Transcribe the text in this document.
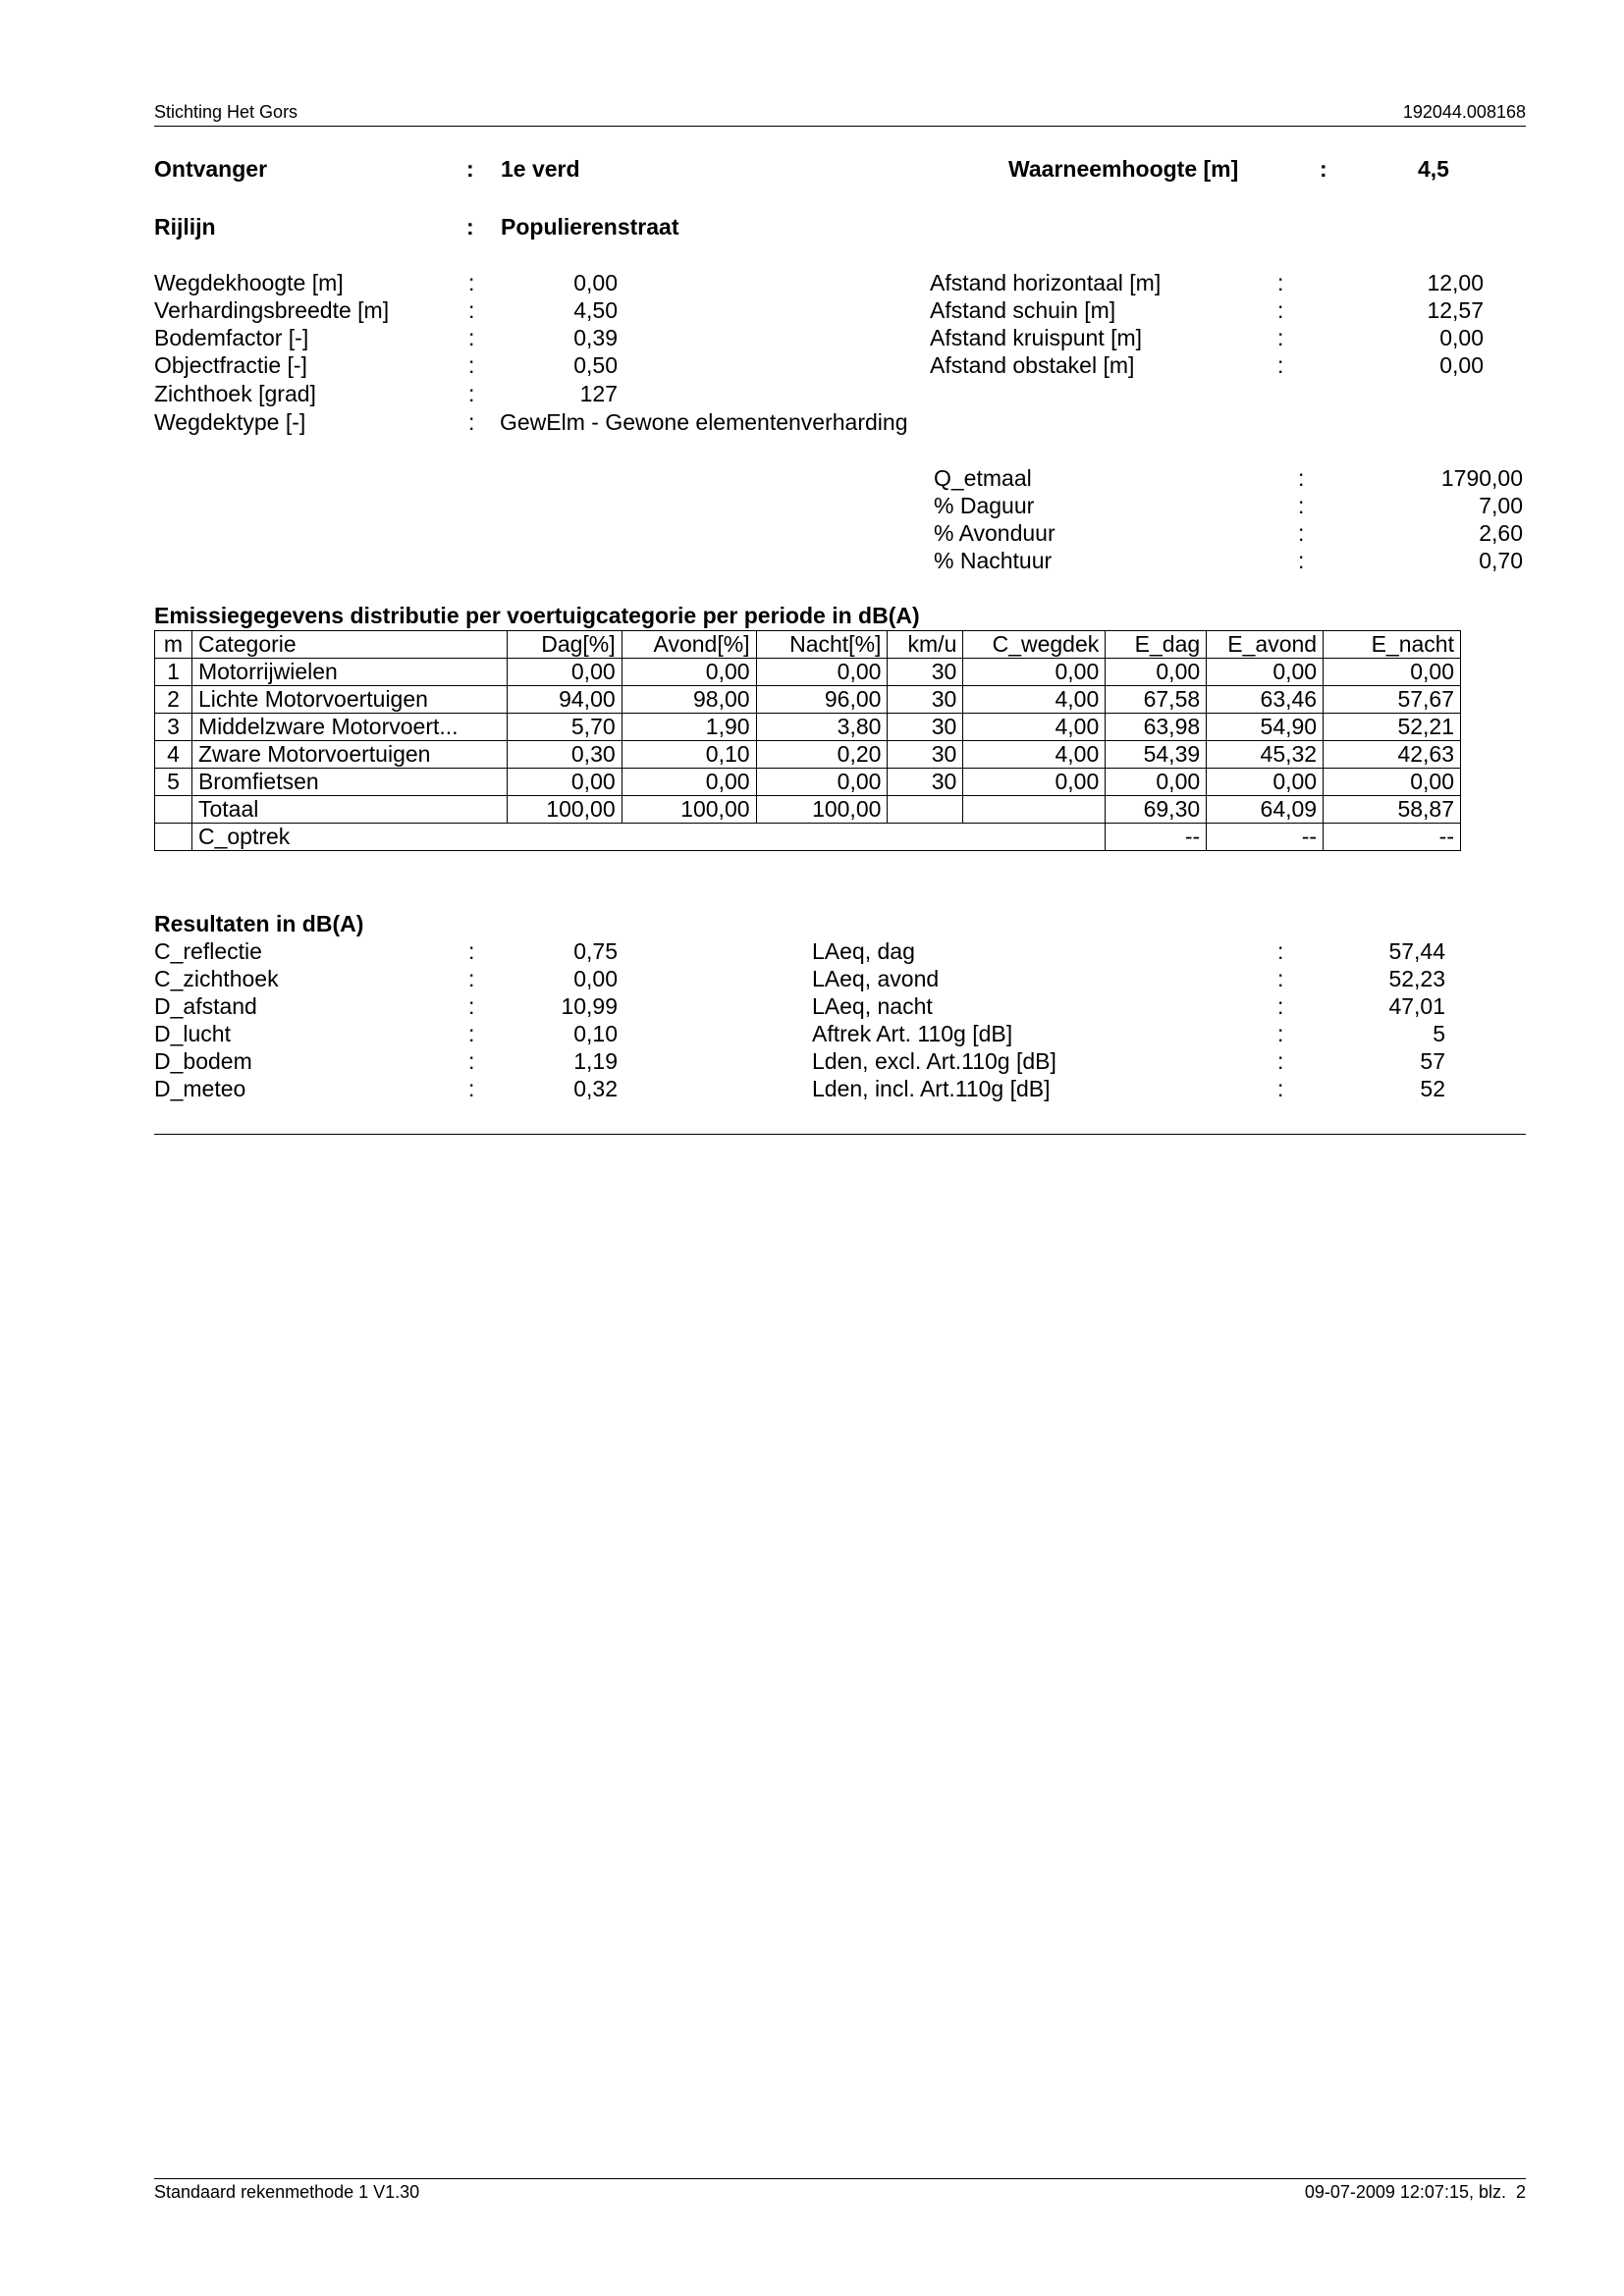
Stichting Het Gors	192044.008168
Ontvanger	: 1e verd	Waarneemhoogte [m]	:	4,5
Rijlijn	: Populierenstraat
Wegdekhoogte [m]	:	0,00
Verhardingsbreedte [m]	:	4,50
Bodemfactor [-]	:	0,39
Objectfractie [-]	:	0,50
Zichthoek [grad]	:	127
Wegdektype [-]	: GewElm - Gewone elementenverharding
Afstand horizontaal [m]	:	12,00
Afstand schuin [m]	:	12,57
Afstand kruispunt [m]	:	0,00
Afstand obstakel [m]	:	0,00
Q_etmaal	:	1790,00
% Daguur	:	7,00
% Avonduur	:	2,60
% Nachtuur	:	0,70
Emissiegegevens distributie per voertuigcategorie per periode in dB(A)
m	Categorie	Dag[%]	Avond[%]	Nacht[%]	km/u	C_wegdek	E_dag	E_avond	E_nacht
1	Motorrijwielen	0,00	0,00	0,00	30	0,00	0,00	0,00	0,00
2	Lichte Motorvoertuigen	94,00	98,00	96,00	30	4,00	67,58	63,46	57,67
3	Middelzware Motorvoert...	5,70	1,90	3,80	30	4,00	63,98	54,90	52,21
4	Zware Motorvoertuigen	0,30	0,10	0,20	30	4,00	54,39	45,32	42,63
5	Bromfietsen	0,00	0,00	0,00	30	0,00	0,00	0,00	0,00
	Totaal	100,00	100,00	100,00			69,30	64,09	58,87
	C_optrek						--	--	--
Resultaten in dB(A)
C_reflectie	:	0,75
C_zichthoek	:	0,00
D_afstand	:	10,99
D_lucht	:	0,10
D_bodem	:	1,19
D_meteo	:	0,32
LAeq, dag	:	57,44
LAeq, avond	:	52,23
LAeq, nacht	:	47,01
Aftrek Art. 110g [dB]	:	5
Lden, excl. Art.110g [dB]	:	57
Lden, incl. Art.110g [dB]	:	52
Standaard rekenmethode 1 V1.30	09-07-2009 12:07:15, blz.  2
